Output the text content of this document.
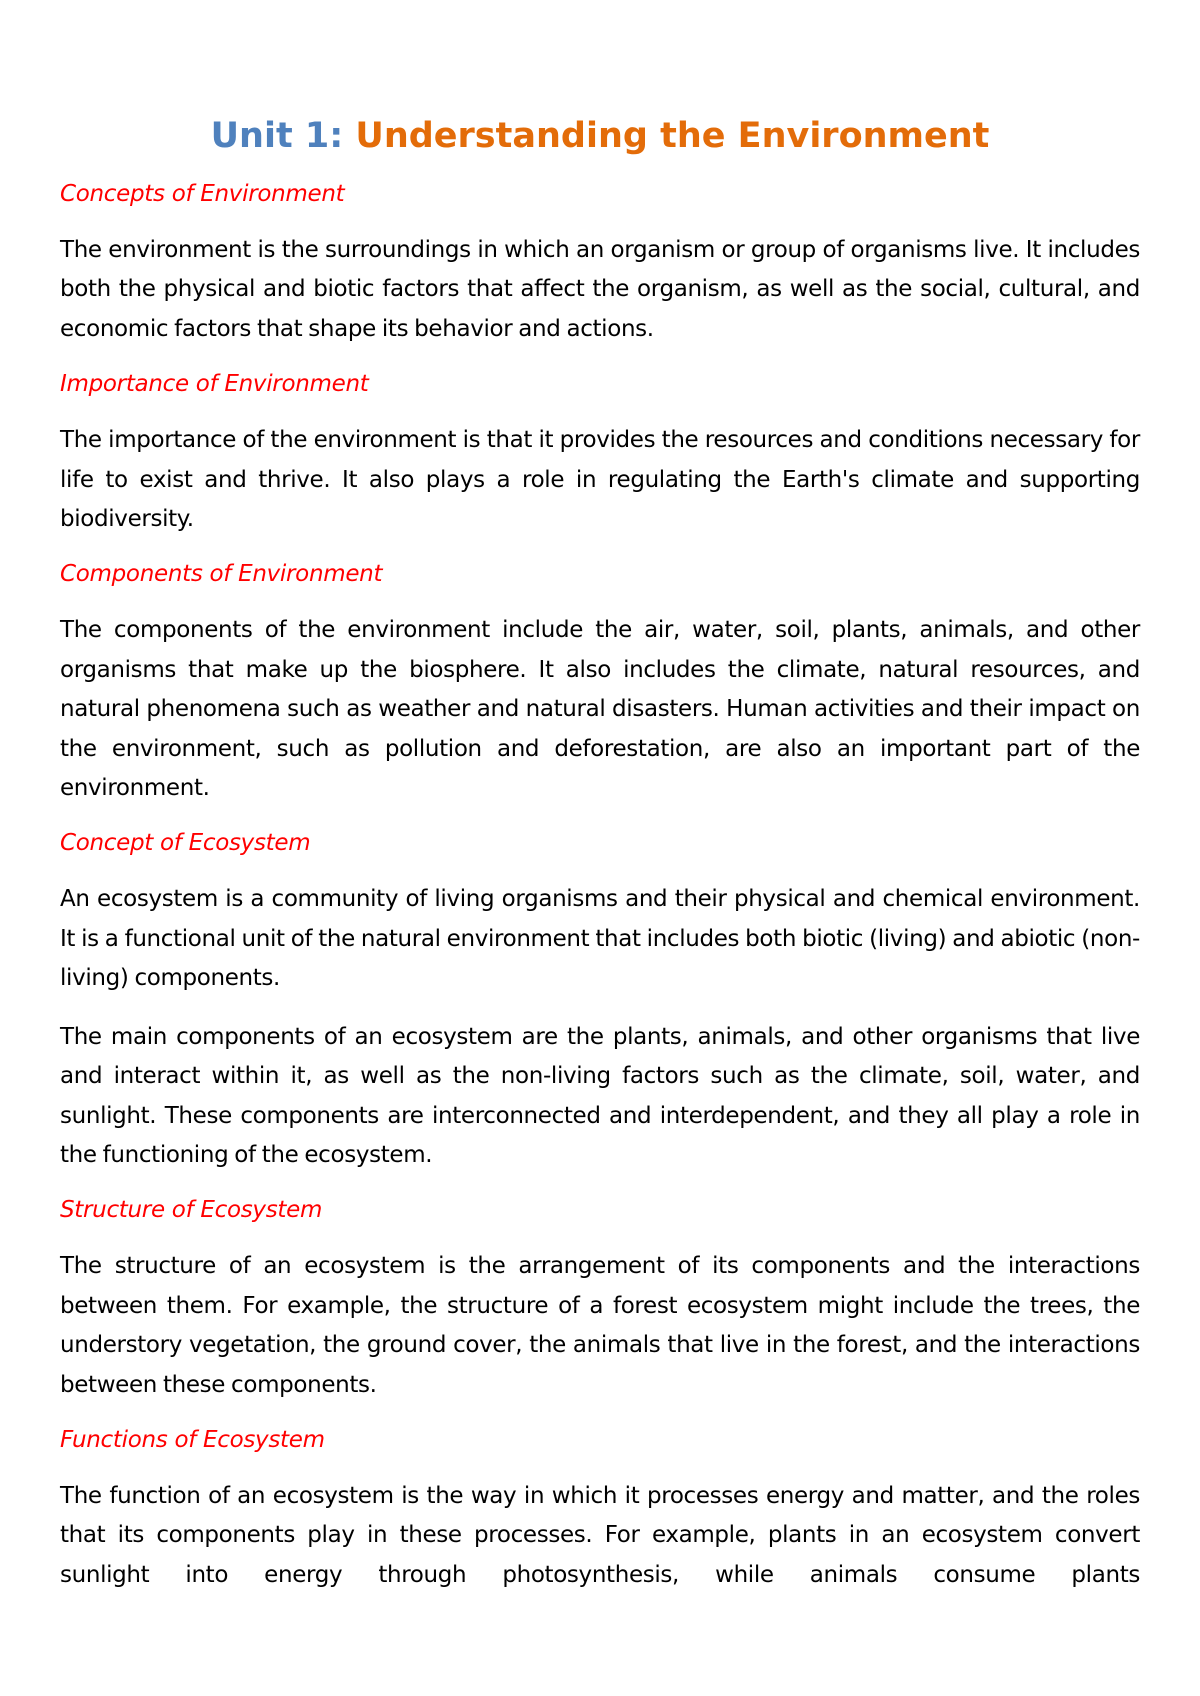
Unit 1: Understanding the Environment
Concepts of Environment

The environment is the surroundings in which an organism or group of organisms live. It includes both the physical and biotic factors that affect the organism, as well as the social, cultural, and economic factors that shape its behavior and actions.

Importance of Environment

The importance of the environment is that it provides the resources and conditions necessary for life to exist and thrive. It also plays a role in regulating the Earth's climate and supporting biodiversity.

Components of Environment

The components of the environment include the air, water, soil, plants, animals, and other organisms that make up the biosphere. It also includes the climate, natural resources, and natural phenomena such as weather and natural disasters. Human activities and their impact on the environment, such as pollution and deforestation, are also an important part of the environment.

Concept of Ecosystem

An ecosystem is a community of living organisms and their physical and chemical environment. It is a functional unit of the natural environment that includes both biotic (living) and abiotic (non-living) components.

The main components of an ecosystem are the plants, animals, and other organisms that live and interact within it, as well as the non-living factors such as the climate, soil, water, and sunlight. These components are interconnected and interdependent, and they all play a role in the functioning of the ecosystem.

Structure of Ecosystem

The structure of an ecosystem is the arrangement of its components and the interactions between them. For example, the structure of a forest ecosystem might include the trees, the understory vegetation, the ground cover, the animals that live in the forest, and the interactions between these components.

Functions of Ecosystem

The function of an ecosystem is the way in which it processes energy and matter, and the roles that its components play in these processes. For example, plants in an ecosystem convert sunlight into energy through photosynthesis, while animals consume plants
